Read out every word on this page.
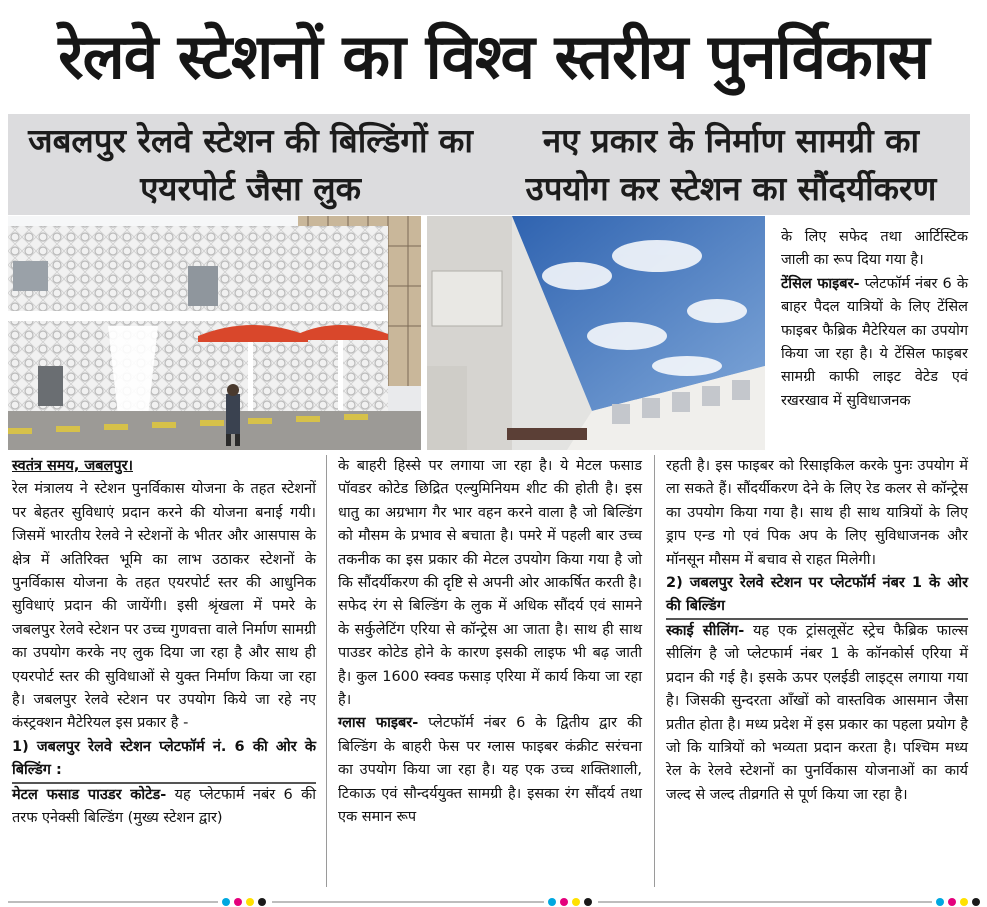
रेलवे स्टेशनों का विश्व स्तरीय पुनर्विकास
जबलपुर रेलवे स्टेशन की बिल्डिंगों का एयरपोर्ट जैसा लुक
नए प्रकार के निर्माण सामग्री का उपयोग कर स्टेशन का सौंदर्यीकरण

स्वतंत्र समय, जबलपुर।

रेल मंत्रालय ने स्टेशन पुनर्विकास योजना के तहत स्टेशनों पर बेहतर सुविधाएं प्रदान करने की योजना बनाई गयी। जिसमें भारतीय रेलवे ने स्टेशनों के भीतर और आसपास के क्षेत्र में अतिरिक्त भूमि का लाभ उठाकर स्टेशनों के पुनर्विकास योजना के तहत एयरपोर्ट स्तर की आधुनिक सुविधाएं प्रदान की जायेंगी। इसी श्रृंखला में पमरे के जबलपुर रेलवे स्टेशन पर उच्च गुणवत्ता वाले निर्माण सामग्री का उपयोग करके नए लुक दिया जा रहा है और साथ ही एयरपोर्ट स्तर की सुविधाओं से युक्त निर्माण किया जा रहा है। जबलपुर रेलवे स्टेशन पर उपयोग किये जा रहे नए कंस्ट्रक्शन मैटेरियल इस प्रकार है -

1) जबलपुर रेलवे स्टेशन प्लेटफॉर्म नं. 6 की ओर के बिल्डिंग :

मेटल फसाड पाउडर कोटेड- यह प्लेटफार्म नबंर 6 की तरफ एनेक्सी बिल्डिंग (मुख्य स्टेशन द्वार)

के बाहरी हिस्से पर लगाया जा रहा है। ये मेटल फसाड पॉवडर कोटेड छिद्रित एल्युमिनियम शीट की होती है। इस धातु का अग्रभाग गैर भार वहन करने वाला है जो बिल्डिंग को मौसम के प्रभाव से बचाता है। पमरे में पहली बार उच्च तकनीक का इस प्रकार की मेटल उपयोग किया गया है जो कि सौंदर्यीकरण की दृष्टि से अपनी ओर आकर्षित करती है। सफेद रंग से बिल्डिंग के लुक में अधिक सौंदर्य एवं सामने के सर्कुलेटिंग एरिया से कॉन्ट्रेस आ जाता है। साथ ही साथ पाउडर कोटेड होने के कारण इसकी लाइफ भी बढ़ जाती है। कुल 1600 स्क्वड फसाड़ एरिया में कार्य किया जा रहा है।

ग्लास फाइबर- प्लेटफॉर्म नंबर 6 के द्वितीय द्वार की बिल्डिंग के बाहरी फेस पर ग्लास फाइबर कंक्रीट सरंचना का उपयोग किया जा रहा है। यह एक उच्च शक्तिशाली, टिकाऊ एवं सौन्दर्ययुक्त सामग्री है। इसका रंग सौंदर्य तथा एक समान रूप

के लिए सफेद तथा आर्टिस्टिक जाली का रूप दिया गया है।

टेंसिल फाइबर- प्लेटफॉर्म नंबर 6 के बाहर पैदल यात्रियों के लिए टेंसिल फाइबर फैब्रिक मैटेरियल का उपयोग किया जा रहा है। ये टेंसिल फाइबर सामग्री काफी लाइट वेटेड एवं रखरखाव में सुविधाजनक

रहती है। इस फाइबर को रिसाइकिल करके पुनः उपयोग में ला सकते हैं। सौंदर्यीकरण देने के लिए रेड कलर से कॉन्ट्रेस का उपयोग किया गया है। साथ ही साथ यात्रियों के लिए ड्राप एन्ड गो एवं पिक अप के लिए सुविधाजनक और मॉनसून मौसम में बचाव से राहत मिलेगी।

2) जबलपुर रेलवे स्टेशन पर प्लेटफॉर्म नंबर 1 के ओर की बिल्डिंग

स्काई सीलिंग- यह एक ट्रांसलूसेंट स्ट्रेच फैब्रिक फाल्स सीलिंग है जो प्लेटफार्म नंबर 1 के कॉनकोर्स एरिया में प्रदान की गई है। इसके ऊपर एलईडी लाइट्स लगाया गया है। जिसकी सुन्दरता आँखों को वास्तविक आसमान जैसा प्रतीत होता है। मध्य प्रदेश में इस प्रकार का पहला प्रयोग है जो कि यात्रियों को भव्यता प्रदान करता है। पश्चिम मध्य रेल के रेलवे स्टेशनों का पुनर्विकास योजनाओं का कार्य जल्द से जल्द तीव्रगति से पूर्ण किया जा रहा है।
